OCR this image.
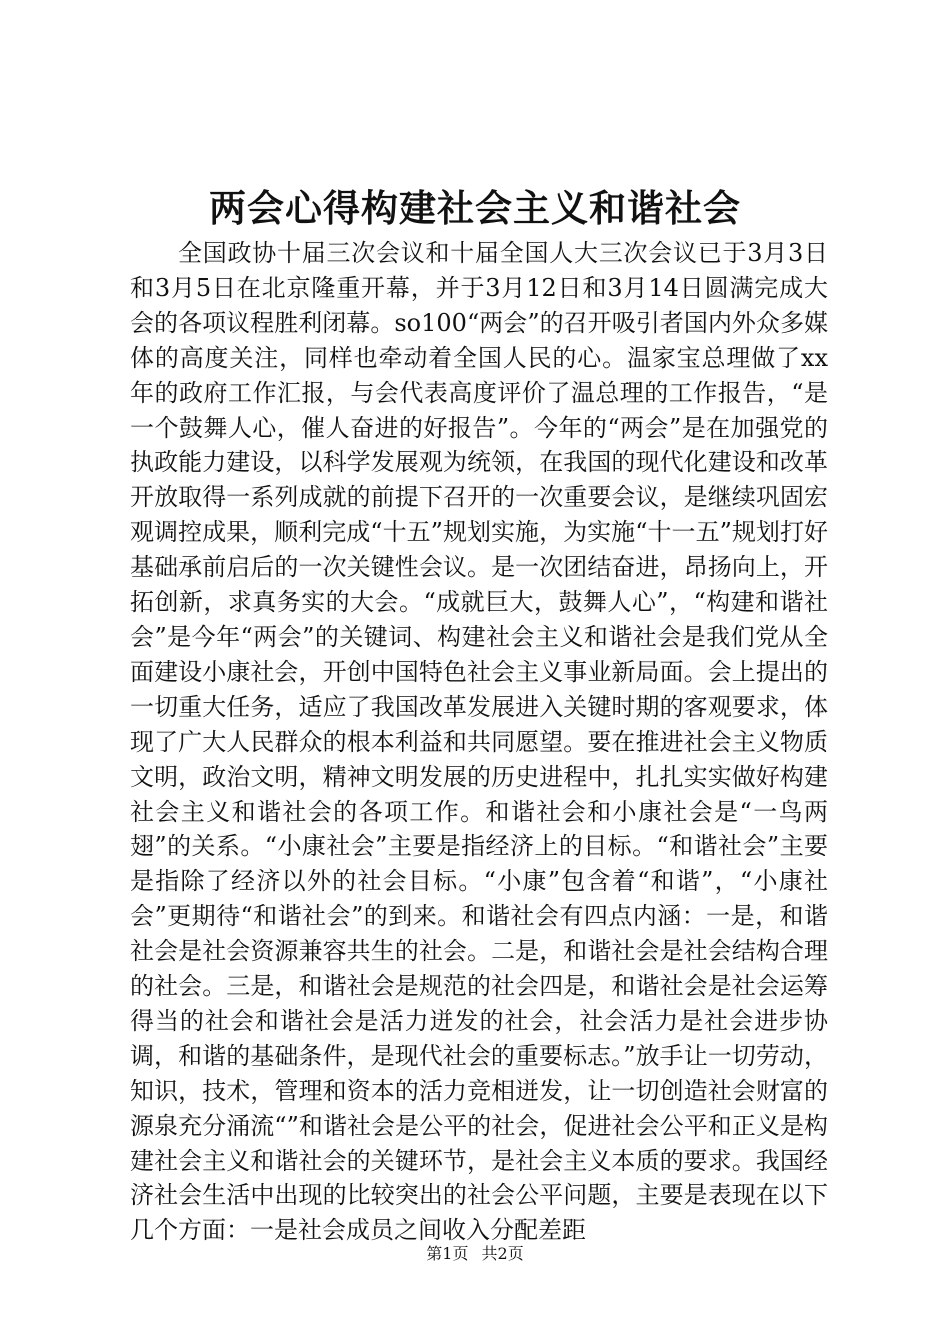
两会心得构建社会主义和谐社会

全国政协十届三次会议和十届全国人大三次会议已于3月3日和3月5日在北京隆重开幕，并于3月12日和3月14日圆满完成大会的各项议程胜利闭幕。so100“两会”的召开吸引者国内外众多媒体的高度关注，同样也牵动着全国人民的心。温家宝总理做了xx年的政府工作汇报，与会代表高度评价了温总理的工作报告，“是一个鼓舞人心，催人奋进的好报告”。今年的“两会”是在加强党的执政能力建设，以科学发展观为统领，在我国的现代化建设和改革开放取得一系列成就的前提下召开的一次重要会议，是继续巩固宏观调控成果，顺利完成“十五”规划实施，为实施“十一五”规划打好基础承前启后的一次关键性会议。是一次团结奋进，昂扬向上，开拓创新，求真务实的大会。“成就巨大，鼓舞人心”，“构建和谐社会”是今年“两会”的关键词、构建社会主义和谐社会是我们党从全面建设小康社会，开创中国特色社会主义事业新局面。会上提出的一切重大任务，适应了我国改革发展进入关键时期的客观要求，体现了广大人民群众的根本利益和共同愿望。要在推进社会主义物质文明，政治文明，精神文明发展的历史进程中，扎扎实实做好构建社会主义和谐社会的各项工作。和谐社会和小康社会是“一鸟两翅”的关系。“小康社会”主要是指经济上的目标。“和谐社会”主要是指除了经济以外的社会目标。“小康”包含着“和谐”，“小康社会”更期待“和谐社会”的到来。和谐社会有四点内涵：一是，和谐社会是社会资源兼容共生的社会。二是，和谐社会是社会结构合理的社会。三是，和谐社会是规范的社会四是，和谐社会是社会运筹得当的社会和谐社会是活力迸发的社会，社会活力是社会进步协调，和谐的基础条件，是现代社会的重要标志。”放手让一切劳动，知识，技术，管理和资本的活力竞相迸发，让一切创造社会财富的源泉充分涌流“”和谐社会是公平的社会，促进社会公平和正义是构建社会主义和谐社会的关键环节，是社会主义本质的要求。我国经济社会生活中出现的比较突出的社会公平问题，主要是表现在以下几个方面：一是社会成员之间收入分配差距

第1页 共2页
